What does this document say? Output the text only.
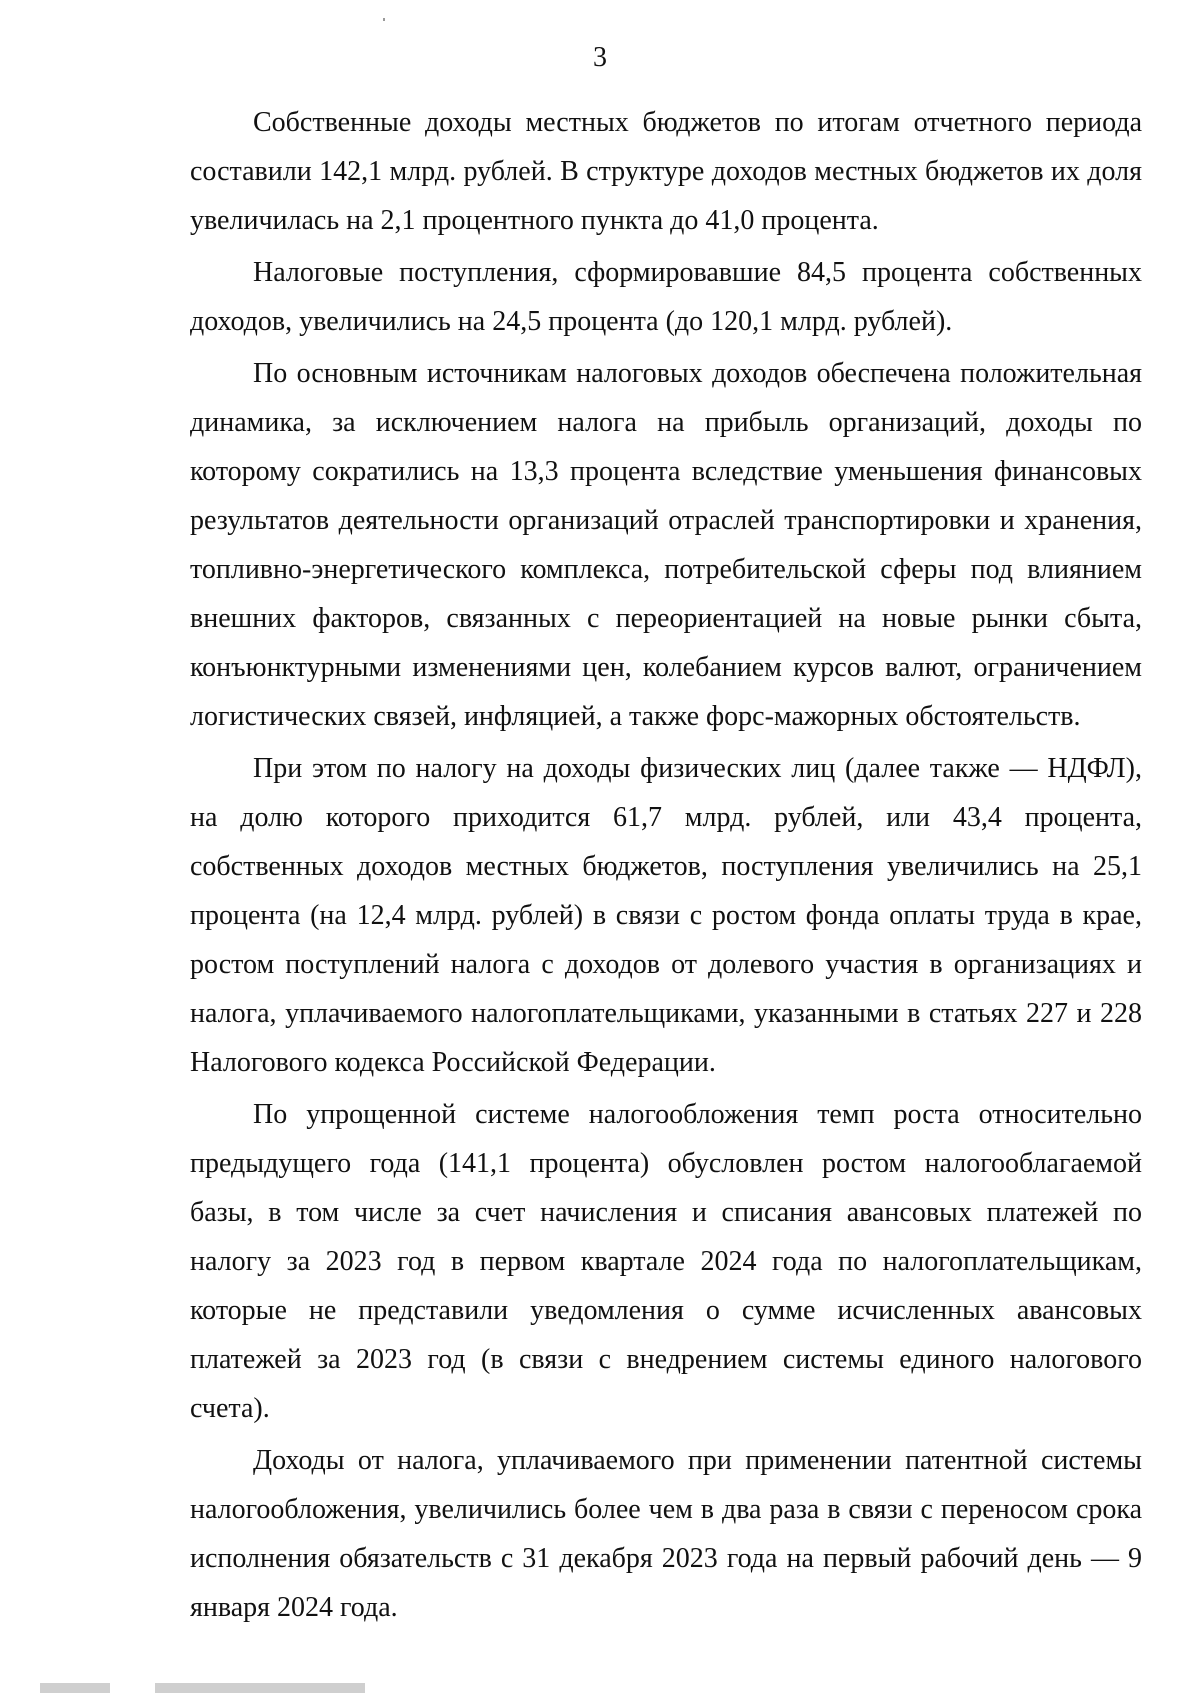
3

Собственные доходы местных бюджетов по итогам отчетного периода составили 142,1 млрд. рублей. В структуре доходов местных бюджетов их доля увеличилась на 2,1 процентного пункта до 41,0 процента.

Налоговые поступления, сформировавшие 84,5 процента собственных доходов, увеличились на 24,5 процента (до 120,1 млрд. рублей).

По основным источникам налоговых доходов обеспечена положительная динамика, за исключением налога на прибыль организаций, доходы по которому сократились на 13,3 процента вследствие уменьшения финансовых результатов деятельности организаций отраслей транспортировки и хранения, топливно-энергетического комплекса, потребительской сферы под влиянием внешних факторов, связанных с переориентацией на новые рынки сбыта, конъюнктурными изменениями цен, колебанием курсов валют, ограничением логистических связей, инфляцией, а также форс-мажорных обстоятельств.

При этом по налогу на доходы физических лиц (далее также — НДФЛ), на долю которого приходится 61,7 млрд. рублей, или 43,4 процента, собственных доходов местных бюджетов, поступления увеличились на 25,1 процента (на 12,4 млрд. рублей) в связи с ростом фонда оплаты труда в крае, ростом поступлений налога с доходов от долевого участия в организациях и налога, уплачиваемого налогоплательщиками, указанными в статьях 227 и 228 Налогового кодекса Российской Федерации.

По упрощенной системе налогообложения темп роста относительно предыдущего года (141,1 процента) обусловлен ростом налогооблагаемой базы, в том числе за счет начисления и списания авансовых платежей по налогу за 2023 год в первом квартале 2024 года по налогоплательщикам, которые не представили уведомления о сумме исчисленных авансовых платежей за 2023 год (в связи с внедрением системы единого налогового счета).

Доходы от налога, уплачиваемого при применении патентной системы налогообложения, увеличились более чем в два раза в связи с переносом срока исполнения обязательств с 31 декабря 2023 года на первый рабочий день — 9 января 2024 года.
